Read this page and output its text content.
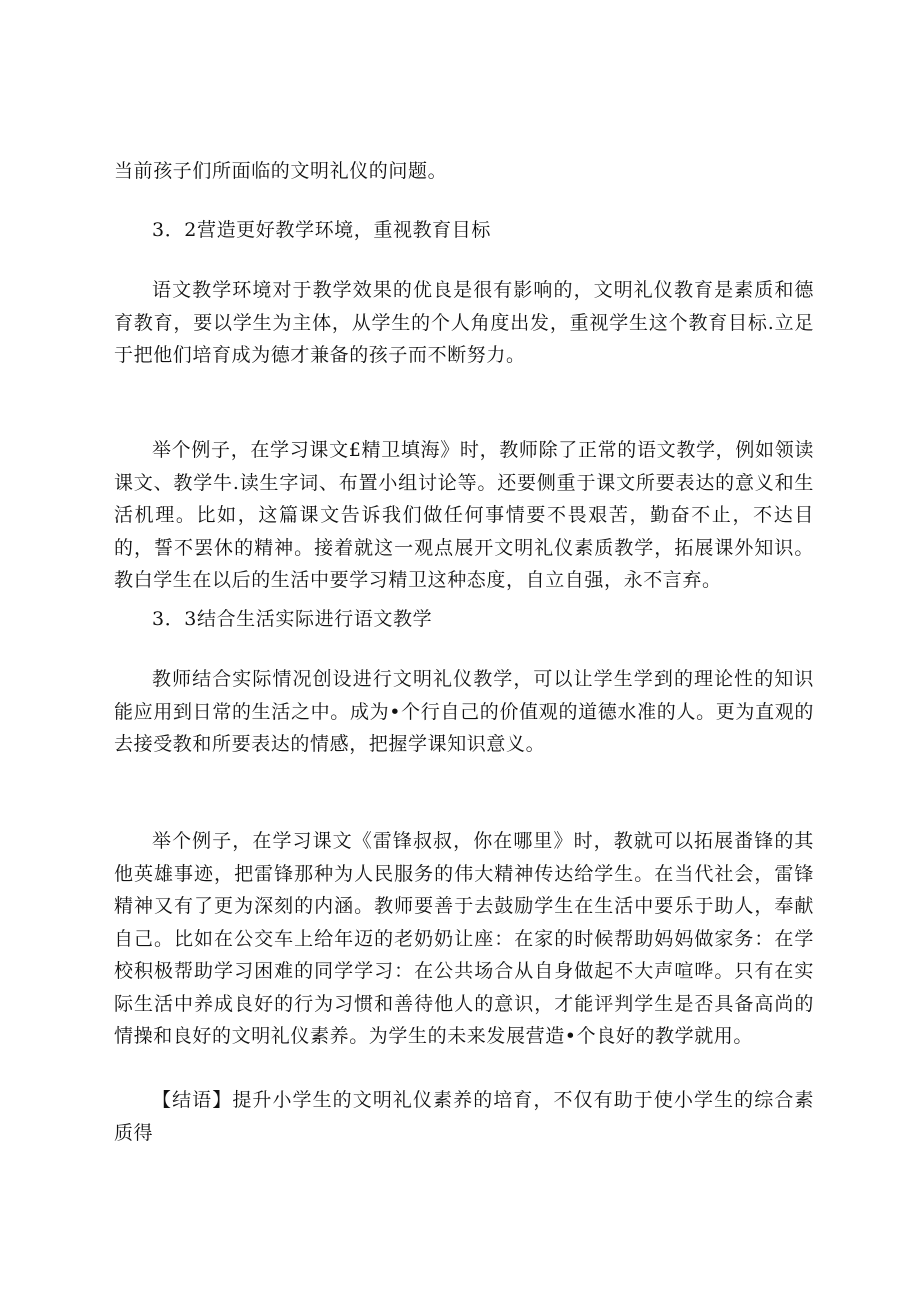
当前孩子们所面临的文明礼仪的问题。

3．2营造更好教学环境，重视教育目标

语文教学环境对于教学效果的优良是很有影响的，文明礼仪教育是素质和德育教育，要以学生为主体，从学生的个人角度出发，重视学生这个教育目标.立足于把他们培育成为德才兼备的孩子而不断努力。

举个例子，在学习课文£精卫填海》时，教师除了正常的语文教学，例如领读课文、教学牛.读生字词、布置小组讨论等。还要侧重于课文所要表达的意义和生活机理。比如，这篇课文告诉我们做任何事情要不畏艰苦，勤奋不止，不达目的，誓不罢休的精神。接着就这一观点展开文明礼仪素质教学，拓展课外知识。教白学生在以后的生活中要学习精卫这种态度，自立自强，永不言弃。

3．3结合生活实际进行语文教学

教师结合实际情况创设进行文明礼仪教学，可以让学生学到的理论性的知识能应用到日常的生活之中。成为•个行自己的价值观的道德水准的人。更为直观的去接受教和所要表达的情感，把握学课知识意义。

举个例子，在学习课文《雷锋叔叔，你在哪里》时，教就可以拓展畨锋的其他英雄事迹，把雷锋那种为人民服务的伟大精神传达给学生。在当代社会，雷锋精神又有了更为深刻的内涵。教师要善于去鼓励学生在生活中要乐于助人，奉献自己。比如在公交车上给年迈的老奶奶让座：在家的时候帮助妈妈做家务：在学校积极帮助学习困难的同学学习：在公共场合从自身做起不大声喧哗。只有在实际生活中养成良好的行为习惯和善待他人的意识，才能评判学生是否具备高尚的情操和良好的文明礼仪素养。为学生的未来发展营造•个良好的教学就用。

【结语】提升小学生的文明礼仪素养的培育，不仅有助于使小学生的综合素质得
